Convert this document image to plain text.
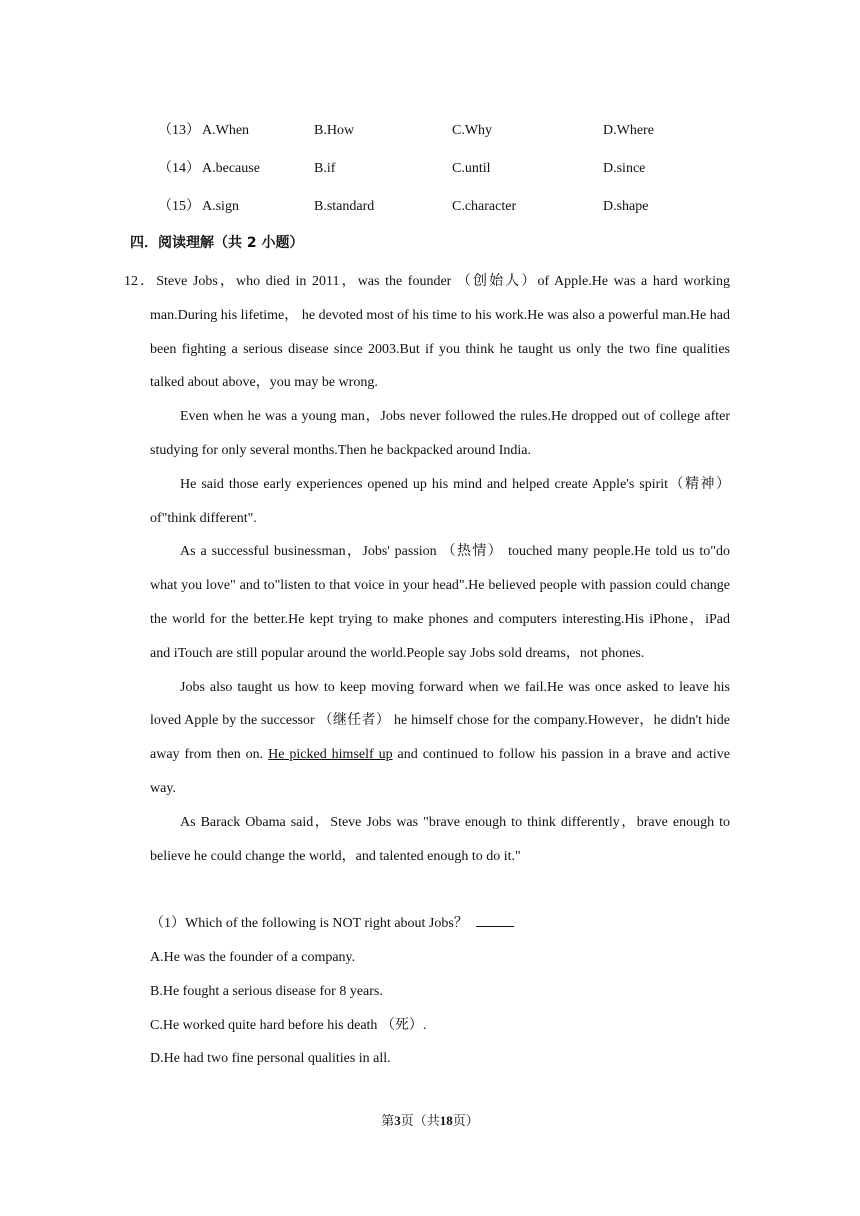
（13） A.When	B.How	C.Why	D.Where
（14） A.because	B.if	C.until	D.since
（15） A.sign	B.standard	C.character	D.shape
四．阅读理解（共 2 小题）

12．Steve Jobs，who died in 2011，was the founder （创始人）of Apple.He was a hard working man.During his lifetime， he devoted most of his time to his work.He was also a powerful man.He had been fighting a serious disease since 2003.But if you think he taught us only the two fine qualities talked about above，you may be wrong.

Even when he was a young man，Jobs never followed the rules.He dropped out of college after studying for only several months.Then he backpacked around India.

He said those early experiences opened up his mind and helped create Apple's spirit（精神） of"think different".

As a successful businessman，Jobs' passion （热情） touched many people.He told us to"do what you love" and to"listen to that voice in your head".He believed people with passion could change the world for the better.He kept trying to make phones and computers interesting.His iPhone，iPad and iTouch are still popular around the world.People say Jobs sold dreams，not phones.

Jobs also taught us how to keep moving forward when we fail.He was once asked to leave his loved Apple by the successor （继任者） he himself chose for the company.However，he didn't hide away from then on. He picked himself up and continued to follow his passion in a brave and active way.

As Barack Obama said，Steve Jobs was "brave enough to think differently，brave enough to believe he could change the world，and talented enough to do it."

（1）Which of the following is NOT right about Jobs？

A.He was the founder of a company.

B.He fought a serious disease for 8 years.

C.He worked quite hard before his death （死）.

D.He had two fine personal qualities in all.

第3页（共18页）
